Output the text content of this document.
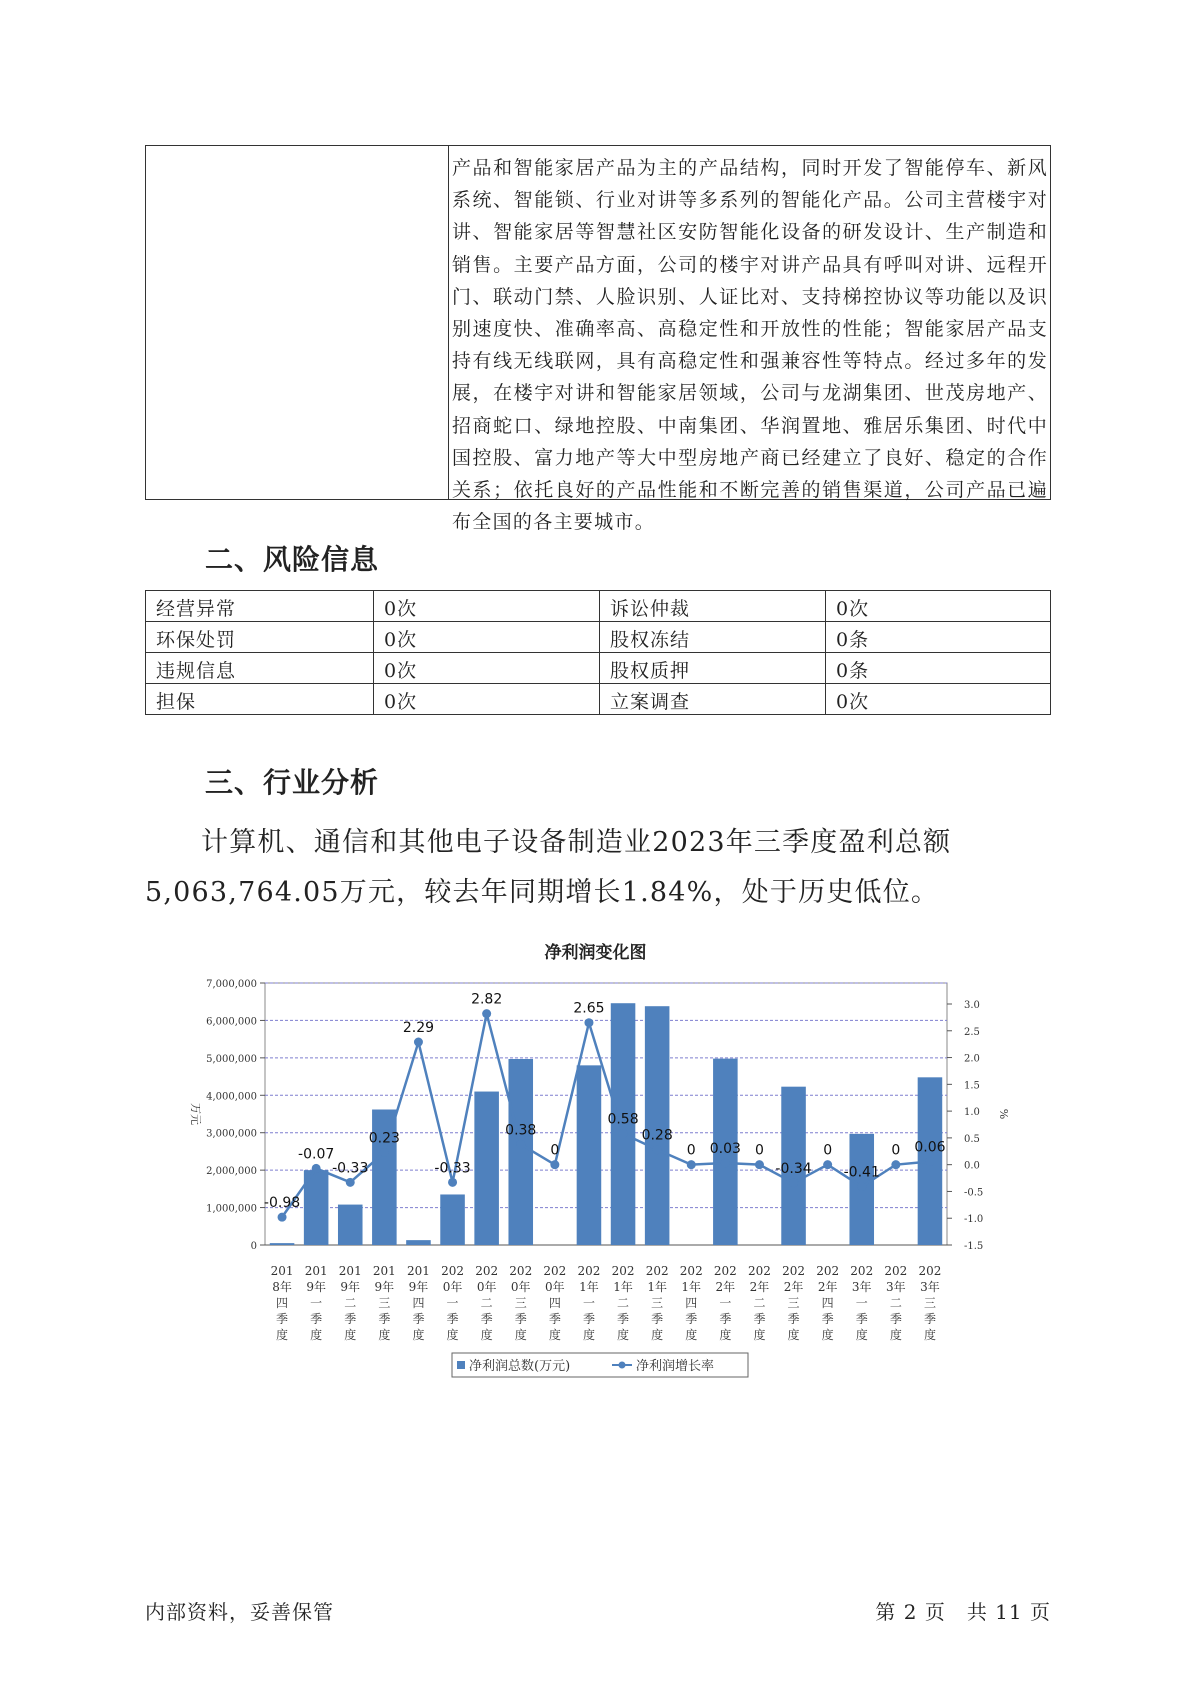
产品和智能家居产品为主的产品结构，同时开发了智能停车、新风系统、智能锁、行业对讲等多系列的智能化产品。公司主营楼宇对讲、智能家居等智慧社区安防智能化设备的研发设计、生产制造和销售。主要产品方面，公司的楼宇对讲产品具有呼叫对讲、远程开门、联动门禁、人脸识别、人证比对、支持梯控协议等功能以及识别速度快、准确率高、高稳定性和开放性的性能；智能家居产品支持有线无线联网，具有高稳定性和强兼容性等特点。经过多年的发展，在楼宇对讲和智能家居领域，公司与龙湖集团、世茂房地产、招商蛇口、绿地控股、中南集团、华润置地、雅居乐集团、时代中国控股、富力地产等大中型房地产商已经建立了良好、稳定的合作关系；依托良好的产品性能和不断完善的销售渠道，公司产品已遍布全国的各主要城市。
二、风险信息
经营异常	0次	诉讼仲裁	0次
环保处罚	0次	股权冻结	0条
违规信息	0次	股权质押	0条
担保	0次	立案调查	0次
三、行业分析
计算机、通信和其他电子设备制造业2023年三季度盈利总额5,063,764.05万元，较去年同期增长1.84%，处于历史低位。
净利润变化图
7,000,000
6,000,000
5,000,000
4,000,000
3,000,000
2,000,000
1,000,000
0
3.0
2.5
2.0
1.5
1.0
0.5
0.0
-0.5
-1.0
-1.5
万元	%
-0.98
-0.07
-0.33
0.23
2.29
-0.33
2.82
0.38
0
2.65
0.58
0.28
0 0.03 0
-0.34
0
-0.41
0 0.06
201
8年
四
季
度
201
9年
一
季
度
201
9年
二
季
度
201
9年
三
季
度
201
9年
四
季
度
202
0年
一
季
度
202
0年
二
季
度
202
0年
三
季
度
202
0年
四
季
度
202
1年
一
季
度
202
1年
二
季
度
202
1年
三
季
度
202
1年
四
季
度
202
2年
一
季
度
202
2年
二
季
度
202
2年
三
季
度
202
2年
四
季
度
202
3年
一
季
度
202
3年
二
季
度
202
3年
三
季
度
净利润总数(万元)	净利润增长率
内部资料，妥善保管	第 2 页　共 11 页
